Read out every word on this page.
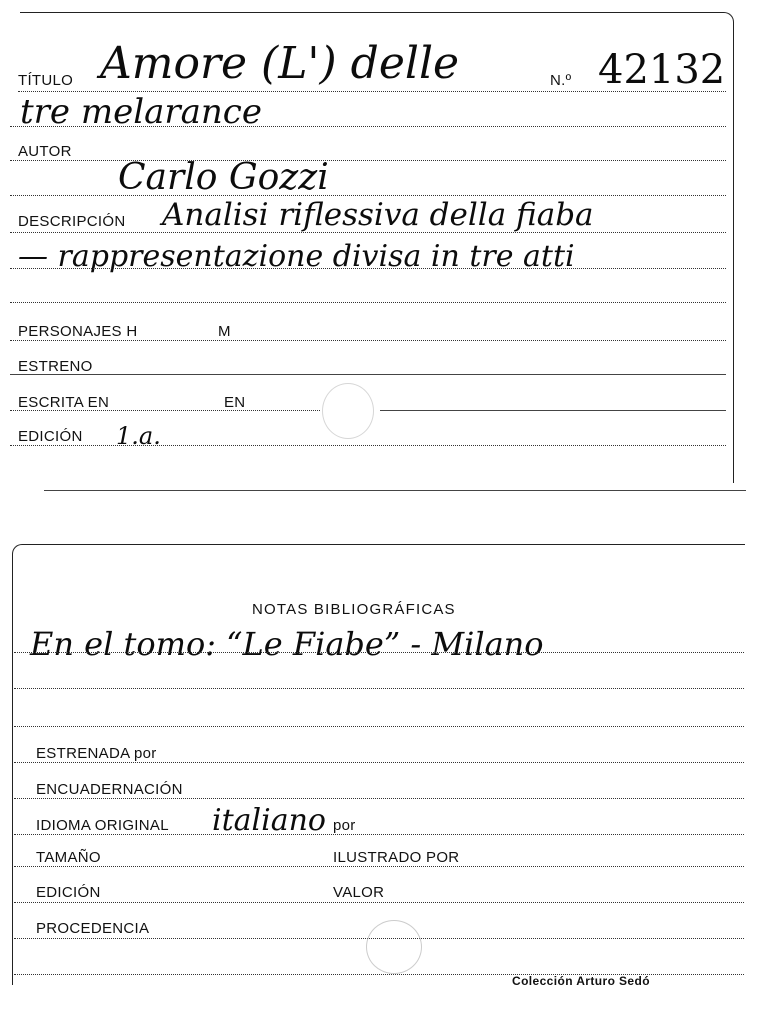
TÍTULO Amore (L') delle	N.º 42132
tre melarance
AUTOR
Carlo Gozzi
DESCRIPCIÓN Analisi riflessiva della fiaba
— rappresentazione divisa in tre atti
PERSONAJES H	M
ESTRENO
ESCRITA EN	EN
EDICIÓN 1.a.
NOTAS BIBLIOGRÁFICAS
En el tomo: “Le Fiabe” - Milano
ESTRENADA por
ENCUADERNACIÓN
IDIOMA ORIGINAL italiano por
TAMAÑO	ILUSTRADO POR
EDICIÓN	VALOR
PROCEDENCIA
Colección Arturo Sedó
